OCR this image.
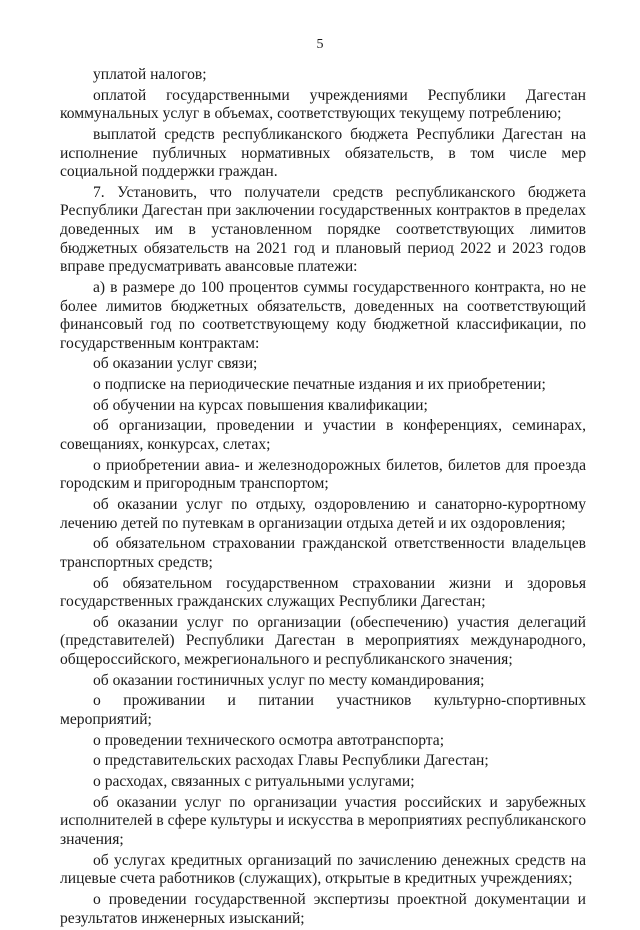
5

уплатой налогов;

оплатой государственными учреждениями Республики Дагестан коммунальных услуг в объемах, соответствующих текущему потреблению;

выплатой средств республиканского бюджета Республики Дагестан на исполнение публичных нормативных обязательств, в том числе мер социальной поддержки граждан.

7. Установить, что получатели средств республиканского бюджета Республики Дагестан при заключении государственных контрактов в пределах доведенных им в установленном порядке соответствующих лимитов бюджетных обязательств на 2021 год и плановый период 2022 и 2023 годов вправе предусматривать авансовые платежи:

а) в размере до 100 процентов суммы государственного контракта, но не более лимитов бюджетных обязательств, доведенных на соответствующий финансовый год по соответствующему коду бюджетной классификации, по государственным контрактам:

об оказании услуг связи;

о подписке на периодические печатные издания и их приобретении;

об обучении на курсах повышения квалификации;

об организации, проведении и участии в конференциях, семинарах, совещаниях, конкурсах, слетах;

о приобретении авиа- и железнодорожных билетов, билетов для проезда городским и пригородным транспортом;

об оказании услуг по отдыху, оздоровлению и санаторно-курортному лечению детей по путевкам в организации отдыха детей и их оздоровления;

об обязательном страховании гражданской ответственности владельцев транспортных средств;

об обязательном государственном страховании жизни и здоровья государственных гражданских служащих Республики Дагестан;

об оказании услуг по организации (обеспечению) участия делегаций (представителей) Республики Дагестан в мероприятиях международного, общероссийского, межрегионального и республиканского значения;

об оказании гостиничных услуг по месту командирования;

о проживании и питании участников культурно-спортивных мероприятий;

о проведении технического осмотра автотранспорта;

о представительских расходах Главы Республики Дагестан;

о расходах, связанных с ритуальными услугами;

об оказании услуг по организации участия российских и зарубежных исполнителей в сфере культуры и искусства в мероприятиях республиканского значения;

об услугах кредитных организаций по зачислению денежных средств на лицевые счета работников (служащих), открытые в кредитных учреждениях;

о проведении государственной экспертизы проектной документации и результатов инженерных изысканий;
